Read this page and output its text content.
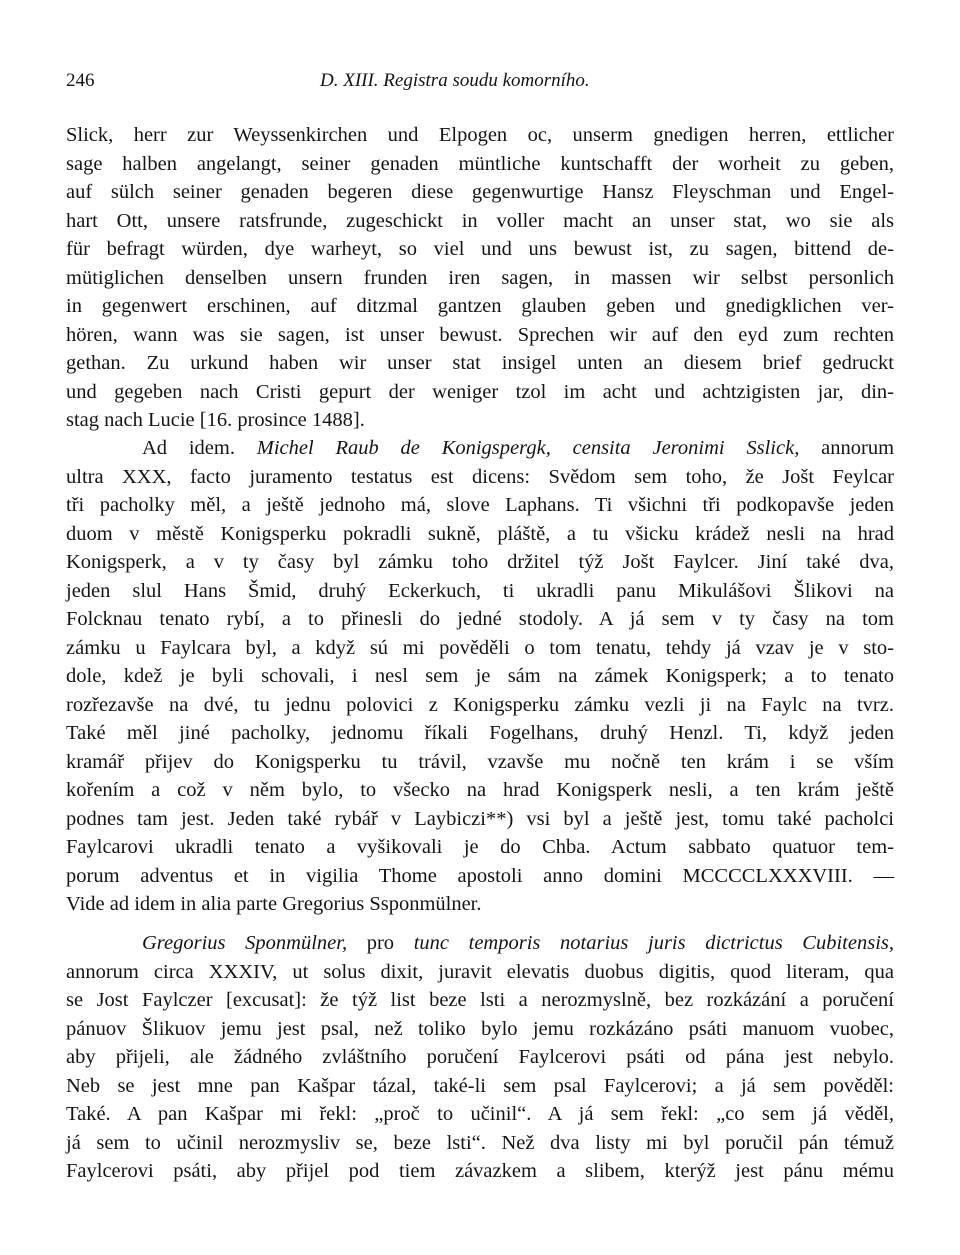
246	D. XIII. Registra soudu komorního.
Slick, herr zur Weyssenkirchen und Elpogen oc, unserm gnedigen herren, ettlicher
sage halben angelangt, seiner genaden müntliche kuntschafft der worheit zu geben,
auf sülch seiner genaden begeren diese gegenwurtige Hansz Fleyschman und Engel-
hart Ott, unsere ratsfrunde, zugeschickt in voller macht an unser stat, wo sie als
für befragt würden, dye warheyt, so viel und uns bewust ist, zu sagen, bittend de-
mütiglichen denselben unsern frunden iren sagen, in massen wir selbst personlich
in gegenwert erschinen, auf ditzmal gantzen glauben geben und gnedigklichen ver-
hören, wann was sie sagen, ist unser bewust. Sprechen wir auf den eyd zum rechten
gethan. Zu urkund haben wir unser stat insigel unten an diesem brief gedruckt
und gegeben nach Cristi gepurt der weniger tzol im acht und achtzigisten jar, din-
stag nach Lucie [16. prosince 1488].
Ad idem. Michel Raub de Konigspergk, censita Jeronimi Sslick, annorum
ultra XXX, facto juramento testatus est dicens: Svědom sem toho, že Jošt Feylcar
tři pacholky měl, a ještě jednoho má, slove Laphans. Ti všichni tři podkopavše jeden
duom v městě Konigsperku pokradli sukně, pláště, a tu všicku krádež nesli na hrad
Konigsperk, a v ty časy byl zámku toho držitel týž Jošt Faylcer. Jiní také dva,
jeden slul Hans Šmid, druhý Eckerkuch, ti ukradli panu Mikulášovi Šlikovi na
Folcknau tenato rybí, a to přinesli do jedné stodoly. A já sem v ty časy na tom
zámku u Faylcara byl, a když sú mi pověděli o tom tenatu, tehdy já vzav je v sto-
dole, kdež je byli schovali, i nesl sem je sám na zámek Konigsperk; a to tenato
rozřezavše na dvé, tu jednu polovici z Konigsperku zámku vezli ji na Faylc na tvrz.
Také měl jiné pacholky, jednomu říkali Fogelhans, druhý Henzl. Ti, když jeden
kramář přijev do Konigsperku tu trávil, vzavše mu nočně ten krám i se vším
kořením a což v něm bylo, to všecko na hrad Konigsperk nesli, a ten krám ještě
podnes tam jest. Jeden také rybář v Laybiczi**) vsi byl a ještě jest, tomu také pacholci
Faylcarovi ukradli tenato a vyšikovali je do Chba. Actum sabbato quatuor tem-
porum adventus et in vigilia Thome apostoli anno domini MCCCCLXXXVIII. —
Vide ad idem in alia parte Gregorius Ssponmülner.
Gregorius Sponmülner, pro tunc temporis notarius juris dictrictus Cubitensis,
annorum circa XXXIV, ut solus dixit, juravit elevatis duobus digitis, quod literam, qua
se Jost Faylczer [excusat]: že týž list beze lsti a nerozmyslně, bez rozkázání a poručení
pánuov Šlikuov jemu jest psal, než toliko bylo jemu rozkázáno psáti manuom vuobec,
aby přijeli, ale žádného zvláštního poručení Faylcerovi psáti od pána jest nebylo.
Neb se jest mne pan Kašpar tázal, také-li sem psal Faylcerovi; a já sem pověděl:
Také. A pan Kašpar mi řekl: „proč to učinil“. A já sem řekl: „co sem já věděl,
já sem to učinil nerozmysliv se, beze lsti“. Než dva listy mi byl poručil pán témuž
Faylcerovi psáti, aby přijel pod tiem závazkem a slibem, kterýž jest pánu mému
